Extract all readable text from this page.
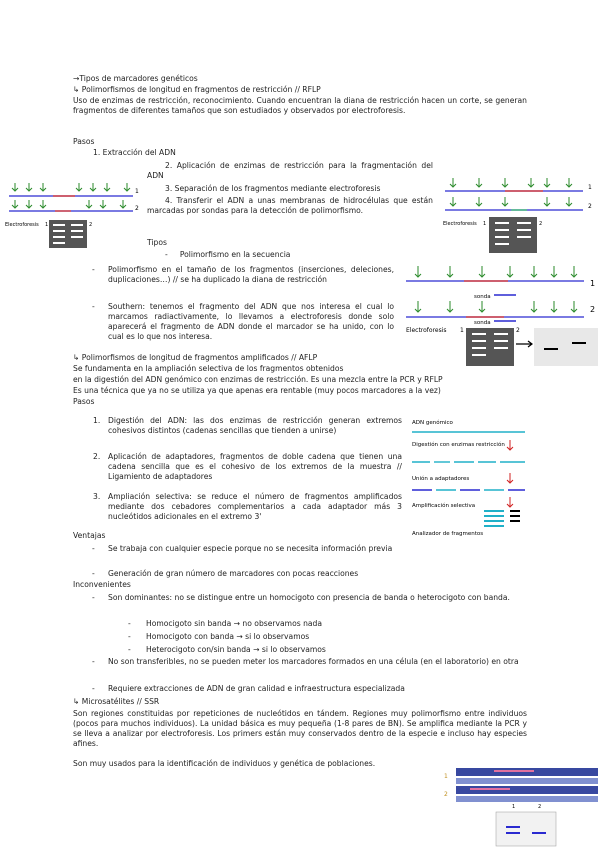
→Tipos de marcadores genéticos
↳ Polimorfismos de longitud en fragmentos de restricción // RFLP
Uso de enzimas de restricción, reconocimiento. Cuando encuentran la diana de restricción hacen un corte, se generan fragmentos de diferentes tamaños que son estudiados y observados por electroforesis.
Pasos
1. Extracción del ADN
2. Aplicación de enzimas de restricción para la fragmentación del ADN
3. Separación de los fragmentos mediante electroforesis
4. Transferir el ADN a unas membranas de hidrocélulas que están marcadas por sondas para la detección de polimorfismo.
Tipos
-     Polimorfismo en la secuencia
- Polimorfismo en el tamaño de los fragmentos (inserciones, deleciones, duplicaciones…) // se ha duplicado la diana de restricción
- Southern: tenemos el fragmento del ADN que nos interesa el cual lo marcamos radiactivamente, lo llevamos a electroforesis donde solo aparecerá el fragmento de ADN donde el marcador se ha unido, con lo cual es lo que nos interesa.
1
2
Electroforesis 1	2
1
2
Electroforesis 1	2
sonda
sonda
1
2
Electroforesis 1	2
↳ Polimorfismos de longitud de fragmentos amplificados // AFLP
Se fundamenta en la ampliación selectiva de los fragmentos obtenidos
en la digestión del ADN genómico con enzimas de restricción. Es una mezcla entre la PCR y RFLP
Es una técnica que ya no se utiliza ya que apenas era rentable (muy pocos marcadores a la vez)
Pasos
1. Digestión del ADN: las dos enzimas de restricción generan extremos cohesivos distintos (cadenas sencillas que tienden a unirse)
2. Aplicación de adaptadores, fragmentos de doble cadena que tienen una cadena sencilla que es el cohesivo de los extremos de la muestra // Ligamiento de adaptadores
3. Ampliación selectiva: se reduce el número de fragmentos amplificados mediante dos cebadores complementarios a cada adaptador más 3 nucleótidos adicionales en el extremo 3'
ADN genómico
Digestión con enzimas restricción
Unión a adaptadores
Amplificación selectiva
Analizador de fragmentos
Ventajas
- Se trabaja con cualquier especie porque no se necesita información previa
- Generación de gran número de marcadores con pocas reacciones
Inconvenientes
- Son dominantes: no se distingue entre un homocigoto con presencia de banda o heterocigoto con banda.
- Homocigoto sin banda → no observamos nada
- Homocigoto con banda → si lo observamos
- Heterocigoto con/sin banda → si lo observamos
- No son transferibles, no se pueden meter los marcadores formados en una célula (en el laboratorio) en otra
- Requiere extracciones de ADN de gran calidad e infraestructura especializada
↳ Microsatélites // SSR
Son regiones constituidas por repeticiones de nucleótidos en tándem. Regiones muy polimorfismo entre individuos (pocos para muchos individuos). La unidad básica es muy pequeña (1-8 pares de BN). Se amplifica mediante la PCR y se lleva a analizar por electroforesis. Los primers están muy conservados dentro de la especie e incluso hay especies afines.
Son muy usados para la identificación de individuos y genética de poblaciones.
1
2
1	2
